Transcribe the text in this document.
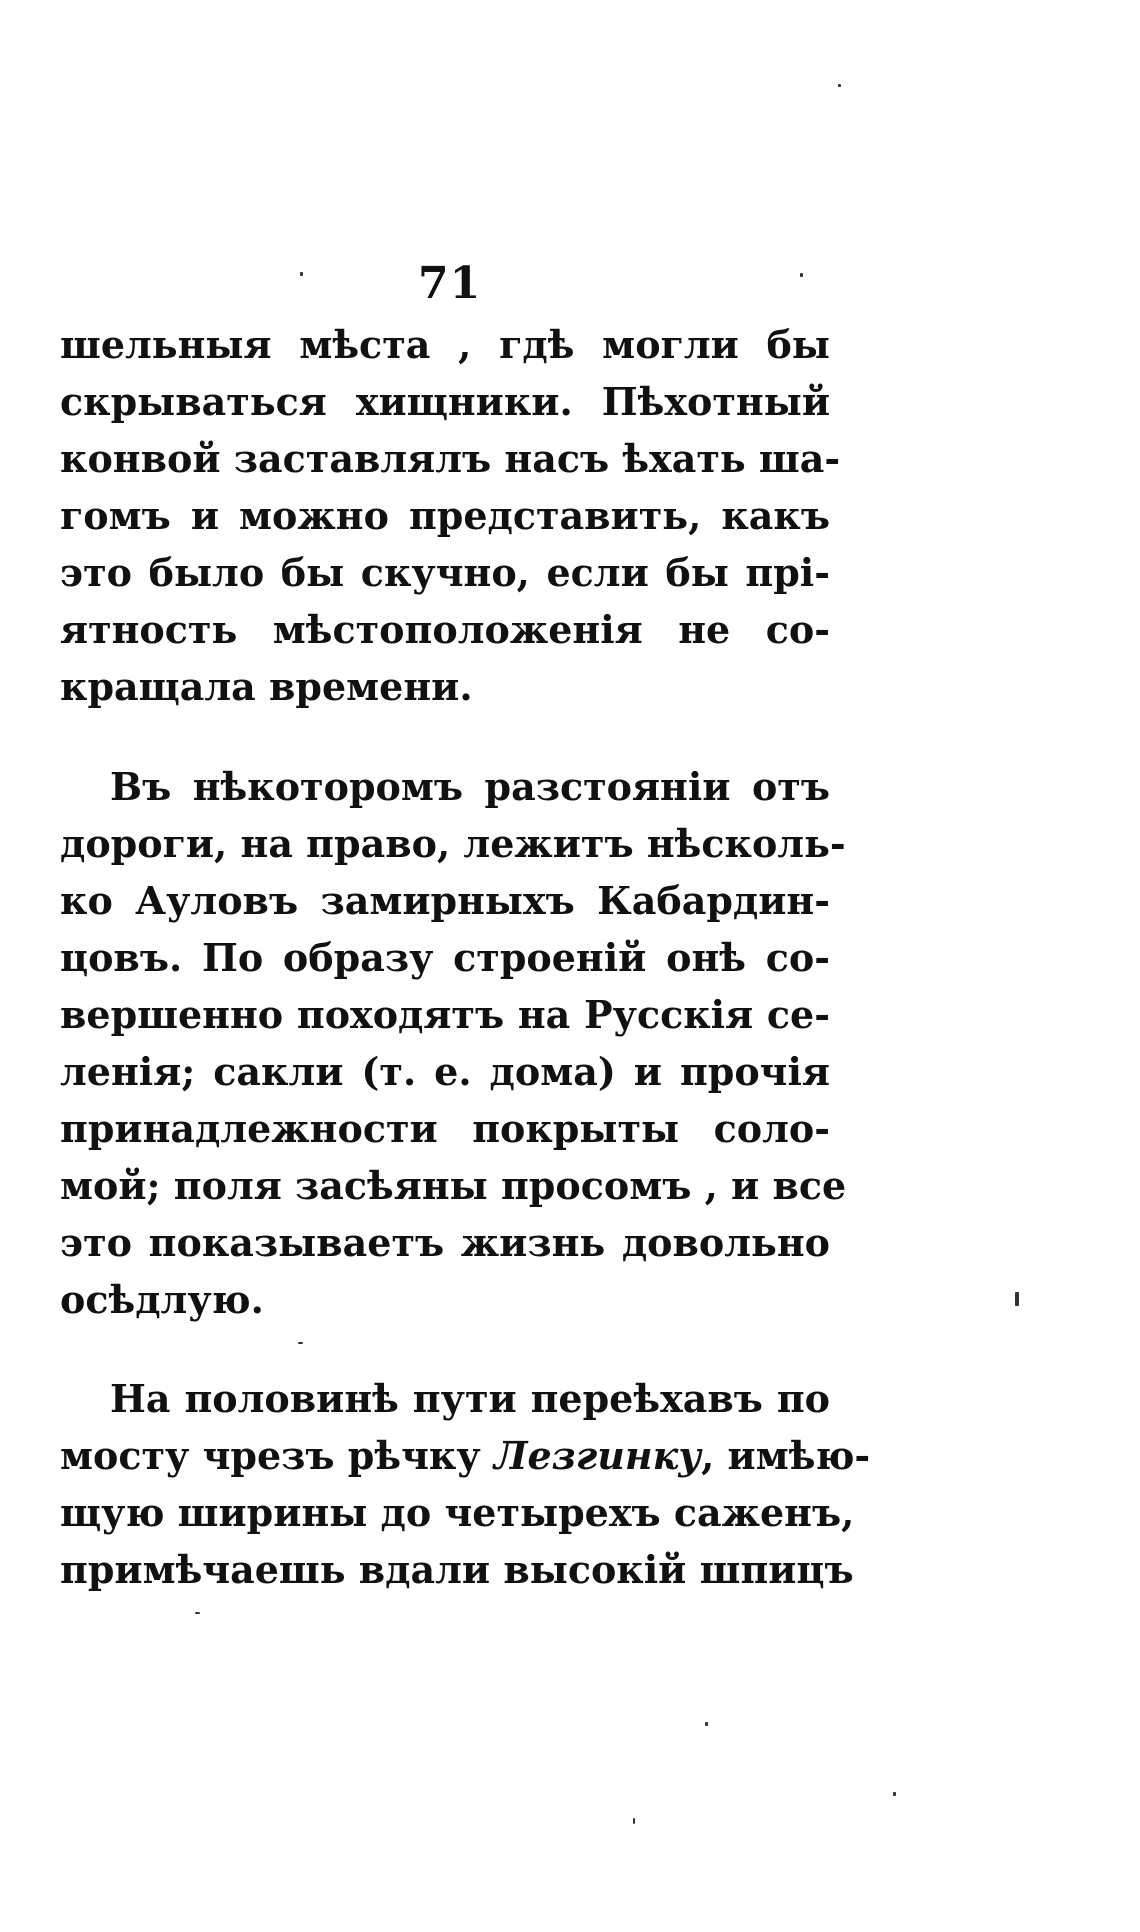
71
шельныя мѣста , гдѣ могли бы
скрываться хищники. Пѣхотный
конвой заставлялъ насъ ѣхать ша-
гомъ и можно представить, какъ
это было бы скучно, если бы прі-
ятность мѣстоположенія не со-
кращала времени.
Въ нѣкоторомъ разстояніи отъ
дороги, на право, лежитъ нѣсколь-
ко Ауловъ замирныхъ Кабардин-
цовъ. По образу строеній онѣ со-
вершенно походятъ на Русскія се-
ленія; сакли (т. е. дома) и прочія
принадлежности покрыты соло-
мой; поля засѣяны просомъ , и все
это показываетъ жизнь довольно
осѣдлую.
На половинѣ пути переѣхавъ по
мосту чрезъ рѣчку Лезгинку, имѣю-
щую ширины до четырехъ саженъ,
примѣчаешь вдали высокій шпицъ
